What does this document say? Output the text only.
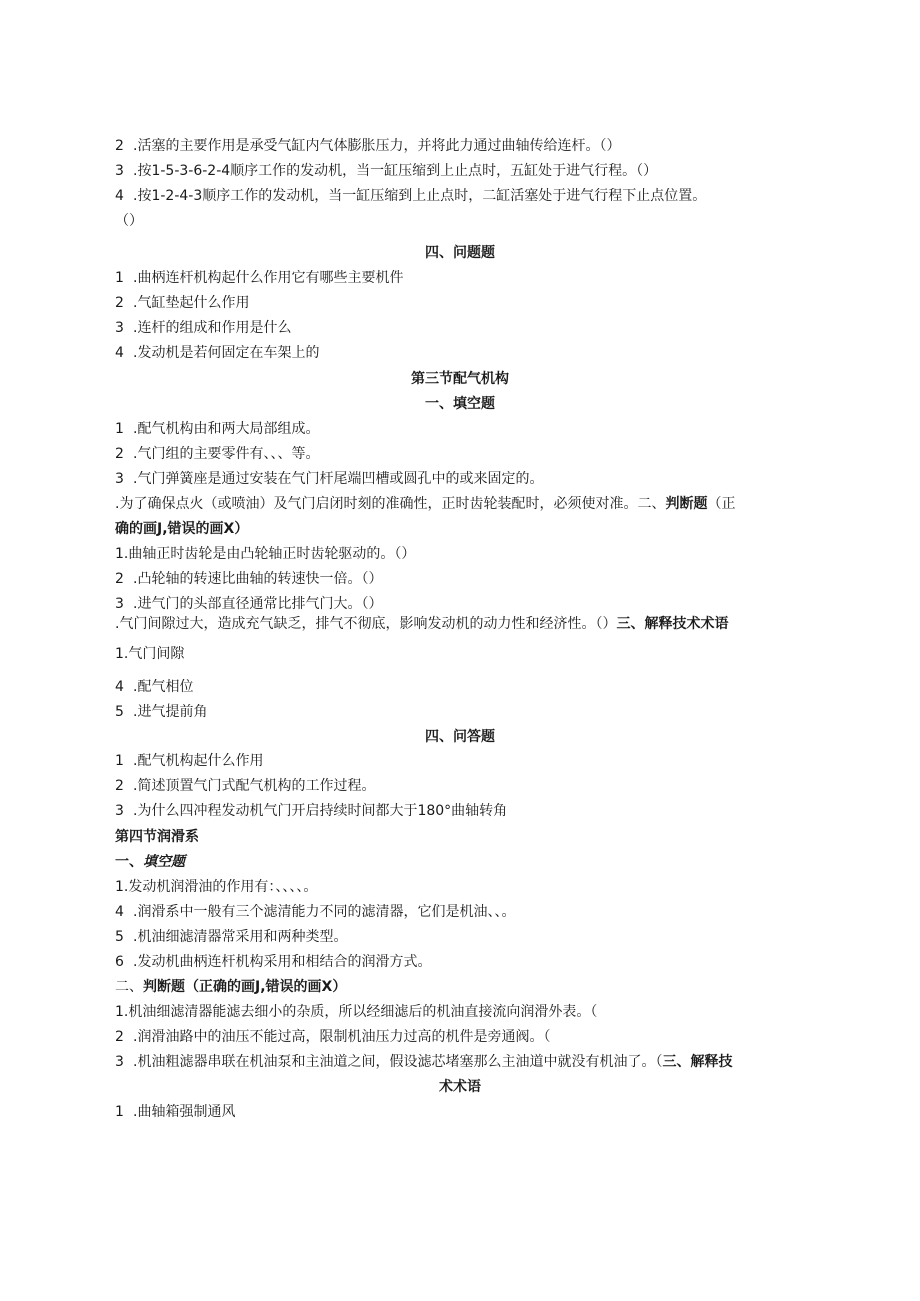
2 .活塞的主要作用是承受气缸内气体膨胀压力，并将此力通过曲轴传给连杆。（）
3 .按1-5-3-6-2-4顺序工作的发动机，当一缸压缩到上止点时，五缸处于进气行程。（）
4 .按1-2-4-3顺序工作的发动机，当一缸压缩到上止点时，二缸活塞处于进气行程下止点位置。
（）
四、问题题
1 .曲柄连杆机构起什么作用它有哪些主要机件
2 .气缸垫起什么作用
3 .连杆的组成和作用是什么
4 .发动机是若何固定在车架上的
第三节配气机构
一、填空题
1 .配气机构由和两大局部组成。
2 .气门组的主要零件有、、、等。
3 .气门弹簧座是通过安装在气门杆尾端凹槽或圆孔中的或来固定的。
.为了确保点火（或喷油）及气门启闭时刻的准确性，正时齿轮装配时，必须使对准。二、判断题（正
确的画J,错误的画X）
1.曲轴正时齿轮是由凸轮轴正时齿轮驱动的。（）
2 .凸轮轴的转速比曲轴的转速快一倍。（）
3 .进气门的头部直径通常比排气门大。（）
.气门间隙过大，造成充气缺乏，排气不彻底，影响发动机的动力性和经济性。（）三、解释技术术语
1.气门间隙
4 .配气相位
5 .进气提前角
四、问答题
1 .配气机构起什么作用
2 .简述顶置气门式配气机构的工作过程。
3 .为什么四冲程发动机气门开启持续时间都大于180°曲轴转角
第四节润滑系
一、填空题
1.发动机润滑油的作用有：、、、、。
4 .润滑系中一般有三个滤清能力不同的滤清器，它们是机油、、。
5 .机油细滤清器常采用和两种类型。
6 .发动机曲柄连杆机构采用和相结合的润滑方式。
二、判断题（正确的画J,错误的画X）
1.机油细滤清器能滤去细小的杂质，所以经细滤后的机油直接流向润滑外表。（
2 .润滑油路中的油压不能过高，限制机油压力过高的机件是旁通阀。（
3 .机油粗滤器串联在机油泵和主油道之间，假设滤芯堵塞那么主油道中就没有机油了。（三、解释技
术术语
1 .曲轴箱强制通风
